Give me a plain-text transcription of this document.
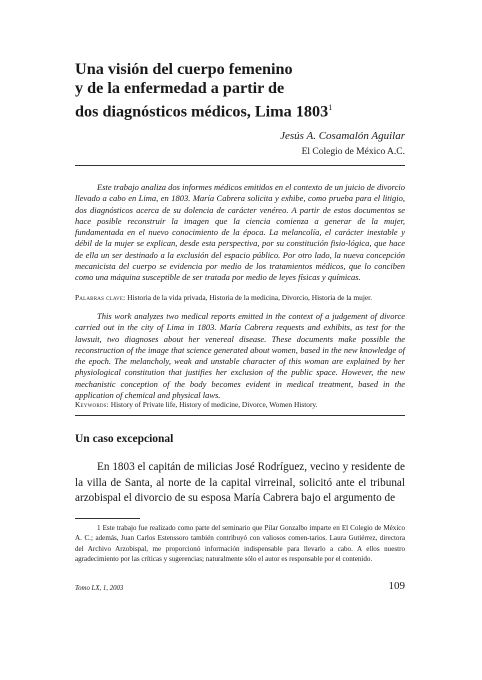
Una visión del cuerpo femenino
y de la enfermedad a partir de
dos diagnósticos médicos, Lima 1803$^1$
Jesús A. Cosamalón Aguilar
El Colegio de México A.C.

Este trabajo analiza dos informes médicos emitidos en el contexto de un juicio de divorcio llevado a cabo en Lima, en 1803. María Cabrera solicita y exhibe, como prueba para el litigio, dos diagnósticos acerca de su dolencia de carácter venéreo. A partir de estos documentos se hace posible reconstruir la imagen que la ciencia comienza a generar de la mujer, fundamentada en el nuevo conocimiento de la época. La melancolía, el carácter inestable y débil de la mujer se explican, desde esta perspectiva, por su constitución fisio-lógica, que hace de ella un ser destinado a la exclusión del espacio público. Por otro lado, la nueva concepción mecanicista del cuerpo se evidencia por medio de los tratamientos médicos, que lo conciben como una máquina susceptible de ser tratada por medio de leyes físicas y químicas.

Palabras clave: Historia de la vida privada, Historia de la medicina, Divorcio, Historia de la mujer.

This work analyzes two medical reports emitted in the context of a judgement of divorce carried out in the city of Lima in 1803. María Cabrera requests and exhibits, as test for the lawsuit, two diagnoses about her venereal disease. These documents make possible the reconstruction of the image that science generated about women, based in the new knowledge of the epoch. The melancholy, weak and unstable character of this woman are explained by her physiological constitution that justifies her exclusion of the public space. However, the new mechanistic conception of the body becomes evident in medical treatment, based in the application of chemical and physical laws.

Keywords: History of Private life, History of medicine, Divorce, Women History.

Un caso excepcional

En 1803 el capitán de milicias José Rodríguez, vecino y residente de la villa de Santa, al norte de la capital virreinal, solicitó ante el tribunal arzobispal el divorcio de su esposa María Cabrera bajo el argumento de

1 Este trabajo fue realizado como parte del seminario que Pilar Gonzalbo imparte en El Colegio de México A. C.; además, Juan Carlos Estenssoro también contribuyó con valiosos comen-tarios. Laura Gutiérrez, directora del Archivo Arzobispal, me proporcionó información indispensable para llevarlo a cabo. A ellos nuestro agradecimiento por las críticas y sugerencias; naturalmente sólo el autor es responsable por el contenido.

Tomo LX, 1, 2003	109
